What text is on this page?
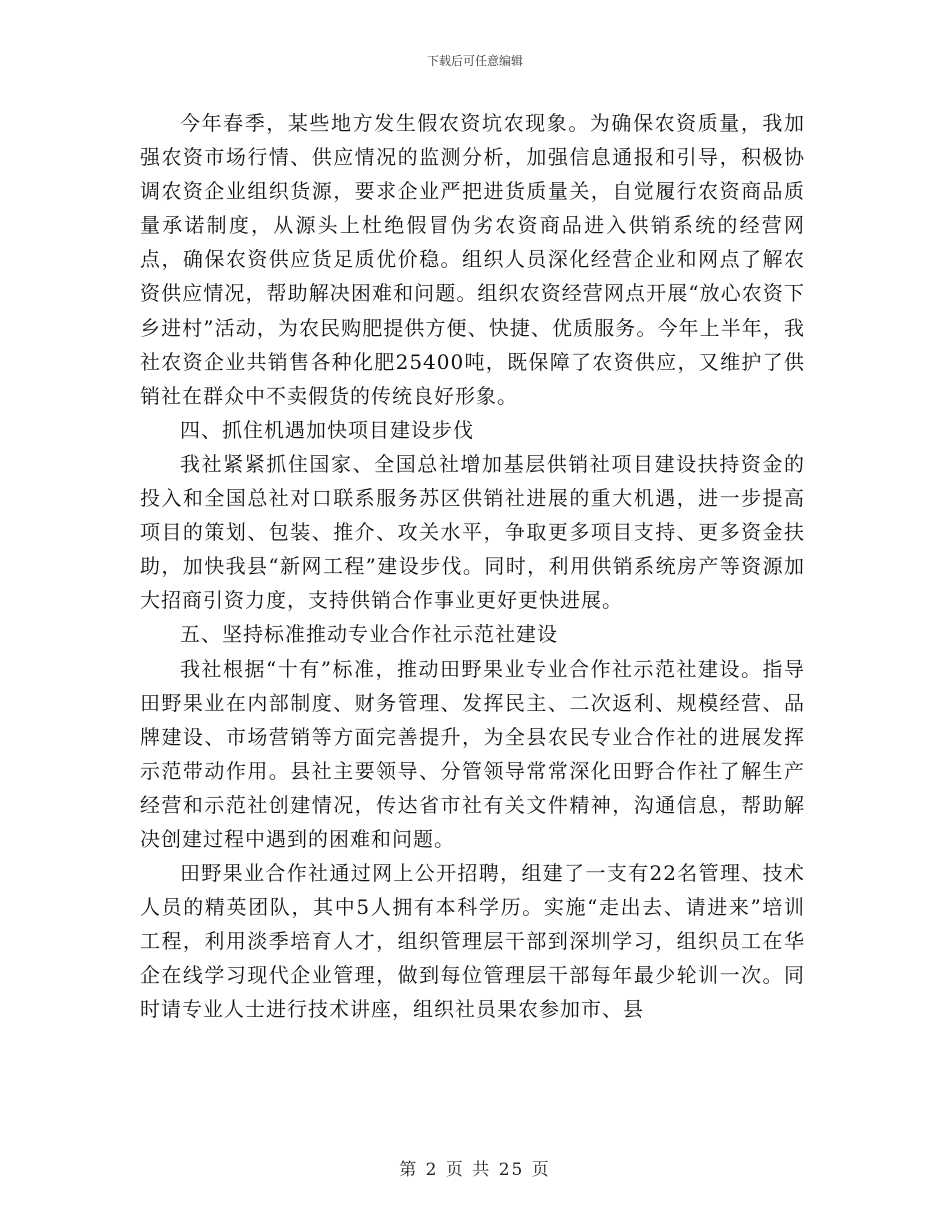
下载后可任意编辑

今年春季，某些地方发生假农资坑农现象。为确保农资质量，我加强农资市场行情、供应情况的监测分析，加强信息通报和引导，积极协调农资企业组织货源，要求企业严把进货质量关，自觉履行农资商品质量承诺制度，从源头上杜绝假冒伪劣农资商品进入供销系统的经营网点，确保农资供应货足质优价稳。组织人员深化经营企业和网点了解农资供应情况，帮助解决困难和问题。组织农资经营网点开展“放心农资下乡进村”活动，为农民购肥提供方便、快捷、优质服务。今年上半年，我社农资企业共销售各种化肥25400吨，既保障了农资供应，又维护了供销社在群众中不卖假货的传统良好形象。

四、抓住机遇加快项目建设步伐

我社紧紧抓住国家、全国总社增加基层供销社项目建设扶持资金的投入和全国总社对口联系服务苏区供销社进展的重大机遇，进一步提高项目的策划、包装、推介、攻关水平，争取更多项目支持、更多资金扶助，加快我县“新网工程”建设步伐。同时，利用供销系统房产等资源加大招商引资力度，支持供销合作事业更好更快进展。

五、坚持标准推动专业合作社示范社建设

我社根据“十有”标准，推动田野果业专业合作社示范社建设。指导田野果业在内部制度、财务管理、发挥民主、二次返利、规模经营、品牌建设、市场营销等方面完善提升，为全县农民专业合作社的进展发挥示范带动作用。县社主要领导、分管领导常常深化田野合作社了解生产经营和示范社创建情况，传达省市社有关文件精神，沟通信息，帮助解决创建过程中遇到的困难和问题。

田野果业合作社通过网上公开招聘，组建了一支有22名管理、技术人员的精英团队，其中5人拥有本科学历。实施“走出去、请进来”培训工程，利用淡季培育人才，组织管理层干部到深圳学习，组织员工在华企在线学习现代企业管理，做到每位管理层干部每年最少轮训一次。同时请专业人士进行技术讲座，组织社员果农参加市、县

第 2 页 共 25 页
